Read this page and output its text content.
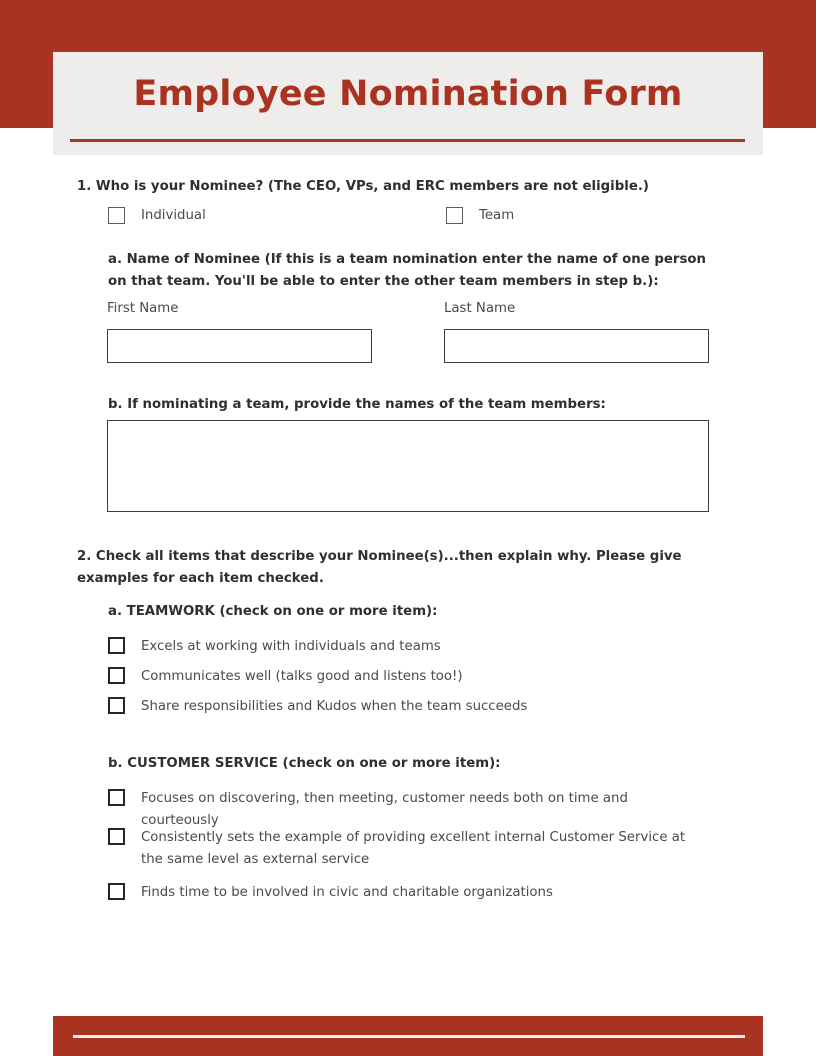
Employee Nomination Form
1. Who is your Nominee? (The CEO, VPs, and ERC members are not eligible.)
Individual	Team
a. Name of Nominee (If this is a team nomination enter the name of one person on that team. You'll be able to enter the other team members in step b.):
First Name	Last Name
b. If nominating a team, provide the names of the team members:
2. Check all items that describe your Nominee(s)...then explain why. Please give examples for each item checked.
a. TEAMWORK (check on one or more item):
Excels at working with individuals and teams
Communicates well (talks good and listens too!)
Share responsibilities and Kudos when the team succeeds
b. CUSTOMER SERVICE (check on one or more item):
Focuses on discovering, then meeting, customer needs both on time and courteously
Consistently sets the example of providing excellent internal Customer Service at the same level as external service
Finds time to be involved in civic and charitable organizations
